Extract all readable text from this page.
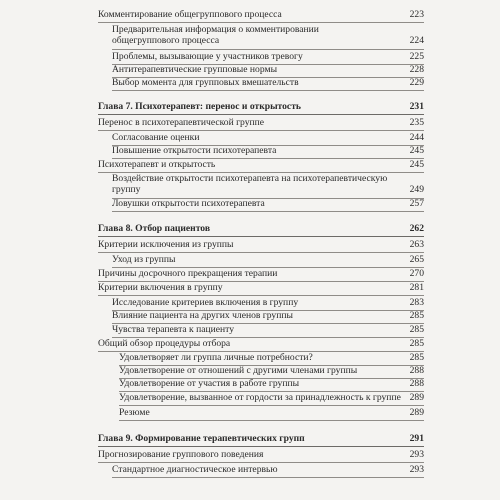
Комментирование общегруппового процесса	223
Предварительная информация о комментировании
общегруппового процесса	224
Проблемы, вызывающие у участников тревогу	225
Антитерапевтические групповые нормы	228
Выбор момента для групповых вмешательств	229
Глава 7. Психотерапевт: перенос и открытость	231
Перенос в психотерапевтической группе	235
Согласование оценки	244
Повышение открытости психотерапевта	245
Психотерапевт и открытость	245
Воздействие открытости психотерапевта на психотерапевтическую
группу	249
Ловушки открытости психотерапевта	257
Глава 8. Отбор пациентов	262
Критерии исключения из группы	263
Уход из группы	265
Причины досрочного прекращения терапии	270
Критерии включения в группу	281
Исследование критериев включения в группу	283
Влияние пациента на других членов группы	285
Чувства терапевта к пациенту	285
Общий обзор процедуры отбора	285
Удовлетворяет ли группа личные потребности?	285
Удовлетворение от отношений с другими членами группы	288
Удовлетворение от участия в работе группы	288
Удовлетворение, вызванное от гордости за принадлежность к группе 289
Резюме	289
Глава 9. Формирование терапевтических групп	291
Прогнозирование группового поведения	293
Стандартное диагностическое интервью	293
